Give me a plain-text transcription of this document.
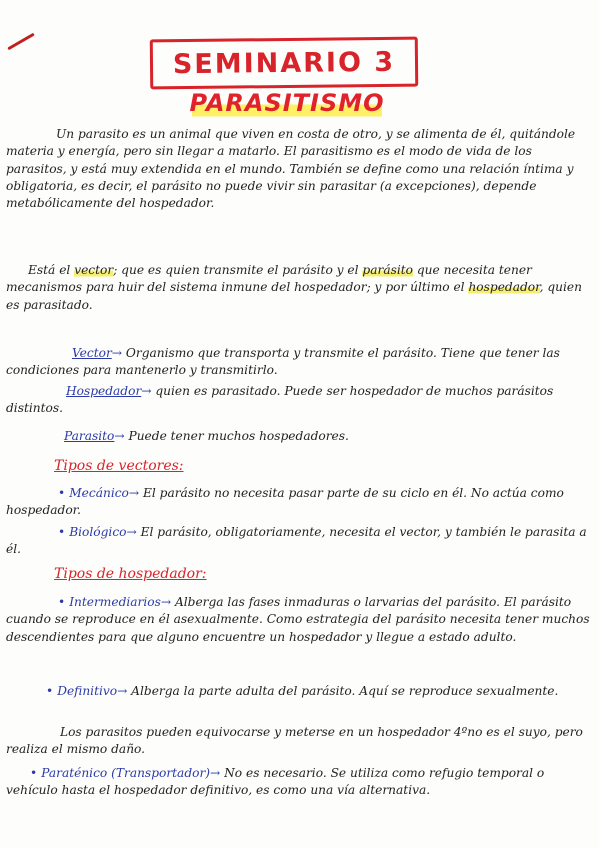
SEMINARIO 3
PARASITISMO
Un parasito es un animal que viven en costa de otro, y se alimenta de él, quitándole materia y energía, pero sin llegar a matarlo. El parasitismo es el modo de vida de los parasitos, y está muy extendida en el mundo. También se define como una relación íntima y obligatoria, es decir, el parásito no puede vivir sin parasitar (a excepciones), depende metabólicamente del hospedador.
Está el vector; que es quien transmite el parásito y el parásito que necesita tener mecanismos para huir del sistema inmune del hospedador; y por último el hospedador, quien es parasitado.
Vector→ Organismo que transporta y transmite el parásito. Tiene que tener las condiciones para mantenerlo y transmitirlo.
Hospedador→ quien es parasitado. Puede ser hospedador de muchos parásitos distintos.
Parasito→ Puede tener muchos hospedadores.
Tipos de vectores:
• Mecánico→ El parásito no necesita pasar parte de su ciclo en él. No actúa como hospedador.
• Biológico→ El parásito, obligatoriamente, necesita el vector, y también le parasita a él.
Tipos de hospedador:
• Intermediarios→ Alberga las fases inmaduras o larvarias del parásito. El parásito cuando se reproduce en él asexualmente. Como estrategia del parásito necesita tener muchos descendientes para que alguno encuentre un hospedador y llegue a estado adulto.
• Definitivo→ Alberga la parte adulta del parásito. Aquí se reproduce sexualmente.
Los parasitos pueden equivocarse y meterse en un hospedador 4ºno es el suyo, pero realiza el mismo daño.
• Paraténico (Transportador)→ No es necesario. Se utiliza como refugio temporal o vehículo hasta el hospedador definitivo, es como una vía alternativa.
